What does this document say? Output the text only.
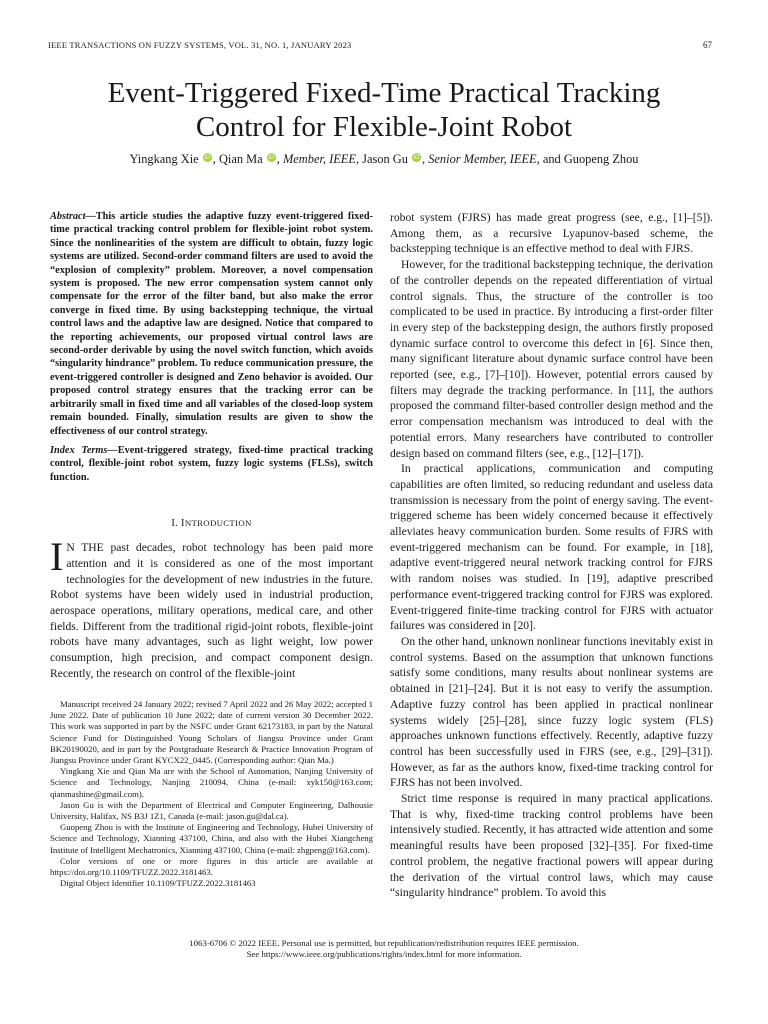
IEEE TRANSACTIONS ON FUZZY SYSTEMS, VOL. 31, NO. 1, JANUARY 2023	67
Event-Triggered Fixed-Time Practical Tracking
Control for Flexible-Joint Robot
Yingkang Xie iD , Qian Ma iD , Member, IEEE, Jason Gu iD , Senior Member, IEEE, and Guopeng Zhou

Abstract—This article studies the adaptive fuzzy event-triggered fixed-time practical tracking control problem for flexible-joint robot system. Since the nonlinearities of the system are difficult to obtain, fuzzy logic systems are utilized. Second-order command filters are used to avoid the “explosion of complexity” problem. Moreover, a novel compensation system is proposed. The new error compensation system cannot only compensate for the error of the filter band, but also make the error converge in fixed time. By using backstepping technique, the virtual control laws and the adaptive law are designed. Notice that compared to the reporting achievements, our proposed virtual control laws are second-order derivable by using the novel switch function, which avoids “singularity hindrance” problem. To reduce communication pressure, the event-triggered controller is designed and Zeno behavior is avoided. Our proposed control strategy ensures that the tracking error can be arbitrarily small in fixed time and all variables of the closed-loop system remain bounded. Finally, simulation results are given to show the effectiveness of our control strategy.

Index Terms—Event-triggered strategy, fixed-time practical tracking control, flexible-joint robot system, fuzzy logic systems (FLSs), switch function.

I. INTRODUCTION

I N THE past decades, robot technology has been paid more attention and it is considered as one of the most important technologies for the development of new industries in the future. Robot systems have been widely used in industrial production, aerospace operations, military operations, medical care, and other fields. Different from the traditional rigid-joint robots, flexible-joint robots have many advantages, such as light weight, low power consumption, high precision, and compact component design. Recently, the research on control of the flexible-joint

Manuscript received 24 January 2022; revised 7 April 2022 and 26 May 2022; accepted 1 June 2022. Date of publication 10 June 2022; date of current version 30 December 2022. This work was supported in part by the NSFC under Grant 62173183, in part by the Natural Science Fund for Distinguished Young Scholars of Jiangsu Province under Grant BK20190020, and in part by the Postgraduate Research & Practice Innovation Program of Jiangsu Province under Grant KYCX22_0445. (Corresponding author: Qian Ma.)

Yingkang Xie and Qian Ma are with the School of Automation, Nanjing University of Science and Technology, Nanjing 210094, China (e-mail: xyk150@163.com; qianmashine@gmail.com).

Jason Gu is with the Department of Electrical and Computer Engineering, Dalhousie University, Halifax, NS B3J 1Z1, Canada (e-mail: jason.gu@dal.ca).

Guopeng Zhou is with the Institute of Engineering and Technology, Hubei University of Science and Technology, Xianning 437100, China, and also with the Hubei Xiangcheng Institute of Intelligent Mechatronics, Xianning 437100, China (e-mail: zhgpeng@163.com).

Color versions of one or more figures in this article are available at https://doi.org/10.1109/TFUZZ.2022.3181463.

Digital Object Identifier 10.1109/TFUZZ.2022.3181463

robot system (FJRS) has made great progress (see, e.g., [1]–[5]). Among them, as a recursive Lyapunov-based scheme, the backstepping technique is an effective method to deal with FJRS.

However, for the traditional backstepping technique, the derivation of the controller depends on the repeated differentiation of virtual control signals. Thus, the structure of the controller is too complicated to be used in practice. By introducing a first-order filter in every step of the backstepping design, the authors firstly proposed dynamic surface control to overcome this defect in [6]. Since then, many significant literature about dynamic surface control have been reported (see, e.g., [7]–[10]). However, potential errors caused by filters may degrade the tracking performance. In [11], the authors proposed the command filter-based controller design method and the error compensation mechanism was introduced to deal with the potential errors. Many researchers have contributed to controller design based on command filters (see, e.g., [12]–[17]).

In practical applications, communication and computing capabilities are often limited, so reducing redundant and useless data transmission is necessary from the point of energy saving. The event-triggered scheme has been widely concerned because it effectively alleviates heavy communication burden. Some results of FJRS with event-triggered mechanism can be found. For example, in [18], adaptive event-triggered neural network tracking control for FJRS with random noises was studied. In [19], adaptive prescribed performance event-triggered tracking control for FJRS was explored. Event-triggered finite-time tracking control for FJRS with actuator failures was considered in [20].

On the other hand, unknown nonlinear functions inevitably exist in control systems. Based on the assumption that unknown functions satisfy some conditions, many results about nonlinear systems are obtained in [21]–[24]. But it is not easy to verify the assumption. Adaptive fuzzy control has been applied in practical nonlinear systems widely [25]–[28], since fuzzy logic system (FLS) approaches unknown functions effectively. Recently, adaptive fuzzy control has been successfully used in FJRS (see, e.g., [29]–[31]). However, as far as the authors know, fixed-time tracking control for FJRS has not been involved.

Strict time response is required in many practical applications. That is why, fixed-time tracking control problems have been intensively studied. Recently, it has attracted wide attention and some meaningful results have been proposed [32]–[35]. For fixed-time control problem, the negative fractional powers will appear during the derivation of the virtual control laws, which may cause “singularity hindrance” problem. To avoid this

1063-6706 © 2022 IEEE. Personal use is permitted, but republication/redistribution requires IEEE permission.
See https://www.ieee.org/publications/rights/index.html for more information.
